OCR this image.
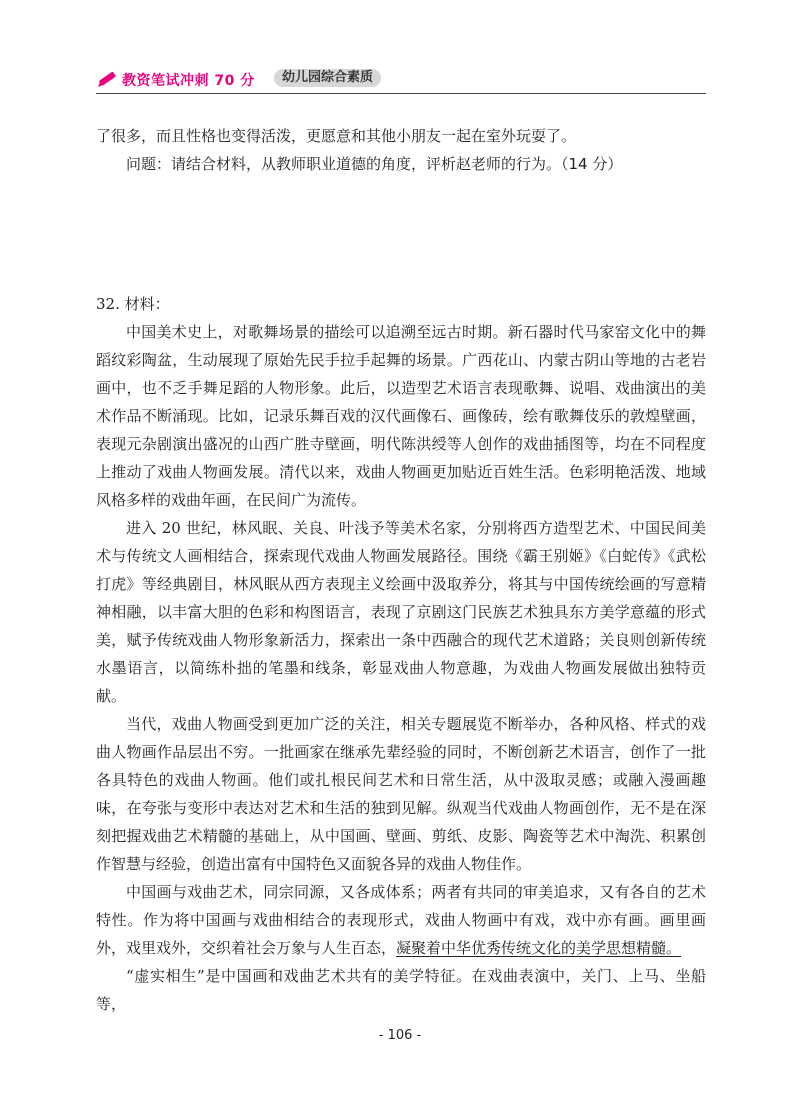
教资笔试冲刺 70 分	幼儿园综合素质

了很多，而且性格也变得活泼，更愿意和其他小朋友一起在室外玩耍了。

问题：请结合材料，从教师职业道德的角度，评析赵老师的行为。（14 分）

32. 材料：

中国美术史上，对歌舞场景的描绘可以追溯至远古时期。新石器时代马家窑文化中的舞蹈纹彩陶盆，生动展现了原始先民手拉手起舞的场景。广西花山、内蒙古阴山等地的古老岩画中，也不乏手舞足蹈的人物形象。此后，以造型艺术语言表现歌舞、说唱、戏曲演出的美术作品不断涌现。比如，记录乐舞百戏的汉代画像石、画像砖，绘有歌舞伎乐的敦煌壁画，表现元杂剧演出盛况的山西广胜寺壁画，明代陈洪绶等人创作的戏曲插图等，均在不同程度上推动了戏曲人物画发展。清代以来，戏曲人物画更加贴近百姓生活。色彩明艳活泼、地域风格多样的戏曲年画，在民间广为流传。

进入 20 世纪，林风眠、关良、叶浅予等美术名家，分别将西方造型艺术、中国民间美术与传统文人画相结合，探索现代戏曲人物画发展路径。围绕《霸王别姬》《白蛇传》《武松打虎》等经典剧目，林风眠从西方表现主义绘画中汲取养分，将其与中国传统绘画的写意精神相融，以丰富大胆的色彩和构图语言，表现了京剧这门民族艺术独具东方美学意蕴的形式美，赋予传统戏曲人物形象新活力，探索出一条中西融合的现代艺术道路；关良则创新传统水墨语言，以简练朴拙的笔墨和线条，彰显戏曲人物意趣，为戏曲人物画发展做出独特贡献。

当代，戏曲人物画受到更加广泛的关注，相关专题展览不断举办，各种风格、样式的戏曲人物画作品层出不穷。一批画家在继承先辈经验的同时，不断创新艺术语言，创作了一批各具特色的戏曲人物画。他们或扎根民间艺术和日常生活，从中汲取灵感；或融入漫画趣味，在夸张与变形中表达对艺术和生活的独到见解。纵观当代戏曲人物画创作，无不是在深刻把握戏曲艺术精髓的基础上，从中国画、壁画、剪纸、皮影、陶瓷等艺术中淘洗、积累创作智慧与经验，创造出富有中国特色又面貌各异的戏曲人物佳作。

中国画与戏曲艺术，同宗同源，又各成体系；两者有共同的审美追求，又有各自的艺术特性。作为将中国画与戏曲相结合的表现形式，戏曲人物画中有戏，戏中亦有画。画里画外，戏里戏外，交织着社会万象与人生百态，凝聚着中华优秀传统文化的美学思想精髓。

“虚实相生”是中国画和戏曲艺术共有的美学特征。在戏曲表演中，关门、上马、坐船等，

- 106 -
